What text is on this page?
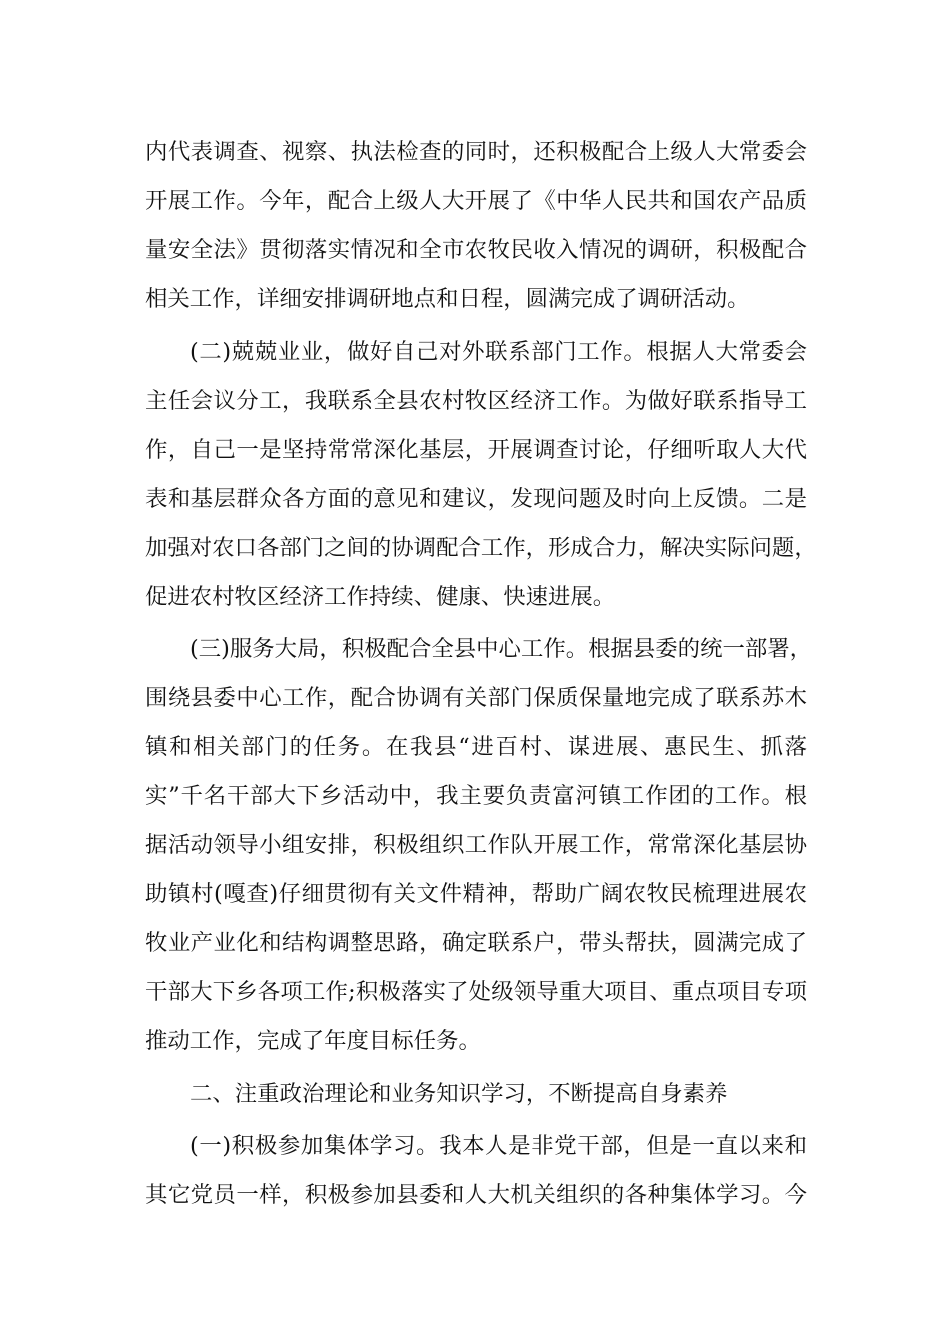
内代表调查、视察、执法检查的同时，还积极配合上级人大常委会
开展工作。今年，配合上级人大开展了《中华人民共和国农产品质
量安全法》贯彻落实情况和全市农牧民收入情况的调研，积极配合
相关工作，详细安排调研地点和日程，圆满完成了调研活动。
(二)兢兢业业，做好自己对外联系部门工作。根据人大常委会
主任会议分工，我联系全县农村牧区经济工作。为做好联系指导工
作，自己一是坚持常常深化基层，开展调查讨论，仔细听取人大代
表和基层群众各方面的意见和建议，发现问题及时向上反馈。二是
加强对农口各部门之间的协调配合工作，形成合力，解决实际问题，
促进农村牧区经济工作持续、健康、快速进展。
(三)服务大局，积极配合全县中心工作。根据县委的统一部署，
围绕县委中心工作，配合协调有关部门保质保量地完成了联系苏木
镇和相关部门的任务。在我县“进百村、谋进展、惠民生、抓落
实”千名干部大下乡活动中，我主要负责富河镇工作团的工作。根
据活动领导小组安排，积极组织工作队开展工作，常常深化基层协
助镇村(嘎查)仔细贯彻有关文件精神，帮助广阔农牧民梳理进展农
牧业产业化和结构调整思路，确定联系户，带头帮扶，圆满完成了
干部大下乡各项工作;积极落实了处级领导重大项目、重点项目专项
推动工作，完成了年度目标任务。
二、注重政治理论和业务知识学习，不断提高自身素养
(一)积极参加集体学习。我本人是非党干部，但是一直以来和
其它党员一样，积极参加县委和人大机关组织的各种集体学习。今
